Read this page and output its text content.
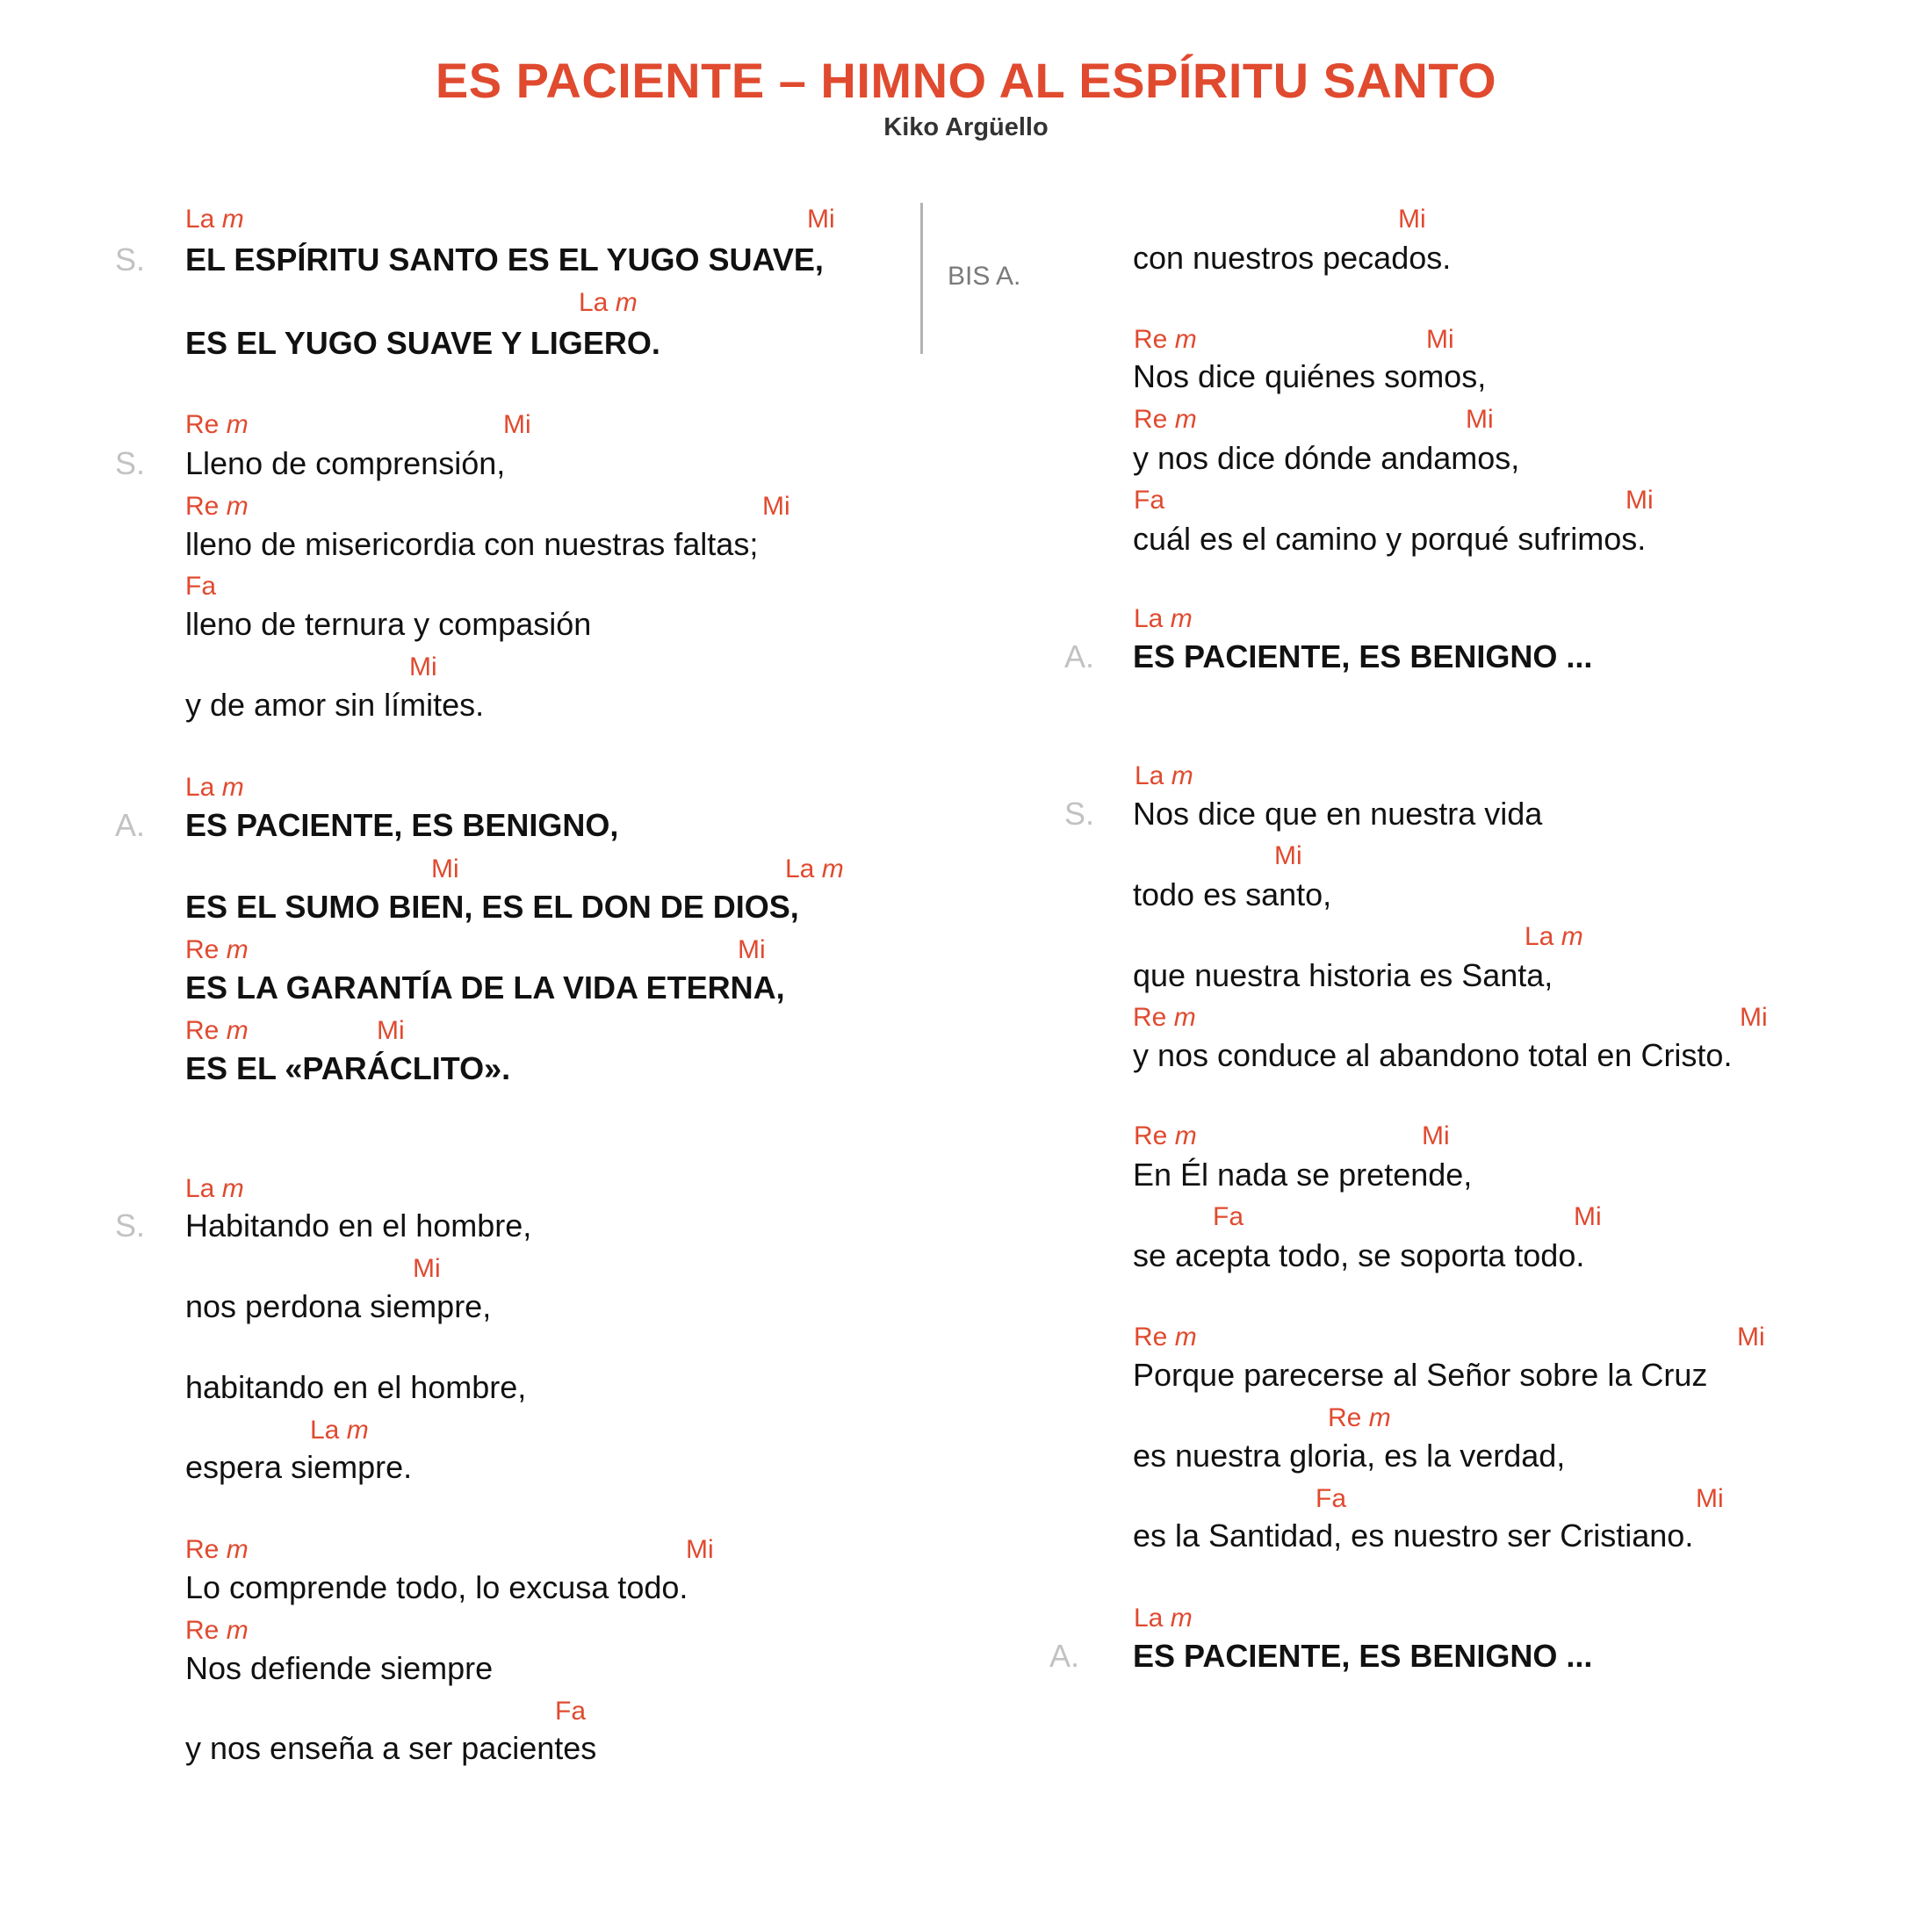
ES PACIENTE – HIMNO AL ESPÍRITU SANTO
Kiko Argüello
BIS A.
S.
S.
A.
S.
A.
S.
A.
La m	Mi
EL ESPÍRITU SANTO ES EL YUGO SUAVE,
La m
ES EL YUGO SUAVE Y LIGERO.
Re m	Mi
Lleno de comprensión,
Re m	Mi
lleno de misericordia con nuestras faltas;
Fa
lleno de ternura y compasión
Mi
y de amor sin límites.
La m
ES PACIENTE, ES BENIGNO,
Mi	La m
ES EL SUMO BIEN, ES EL DON DE DIOS,
Re m	Mi
ES LA GARANTÍA DE LA VIDA ETERNA,
Re m	Mi
ES EL «PARÁCLITO».
La m
Habitando en el hombre,
Mi
nos perdona siempre,
habitando en el hombre,
La m
espera siempre.
Re m	Mi
Lo comprende todo, lo excusa todo.
Re m
Nos defiende siempre
Fa
y nos enseña a ser pacientes
Mi
con nuestros pecados.
Re m	Mi
Nos dice quiénes somos,
Re m	Mi
y nos dice dónde andamos,
Fa	Mi
cuál es el camino y porqué sufrimos.
La m
ES PACIENTE, ES BENIGNO ...
La m
Nos dice que en nuestra vida
Mi
todo es santo,
La m
que nuestra historia es Santa,
Re m	Mi
y nos conduce al abandono total en Cristo.
Re m	Mi
En Él nada se pretende,
Fa	Mi
se acepta todo, se soporta todo.
Re m	Mi
Porque parecerse al Señor sobre la Cruz
Re m
es nuestra gloria, es la verdad,
Fa	Mi
es la Santidad, es nuestro ser Cristiano.
La m
ES PACIENTE, ES BENIGNO ...
